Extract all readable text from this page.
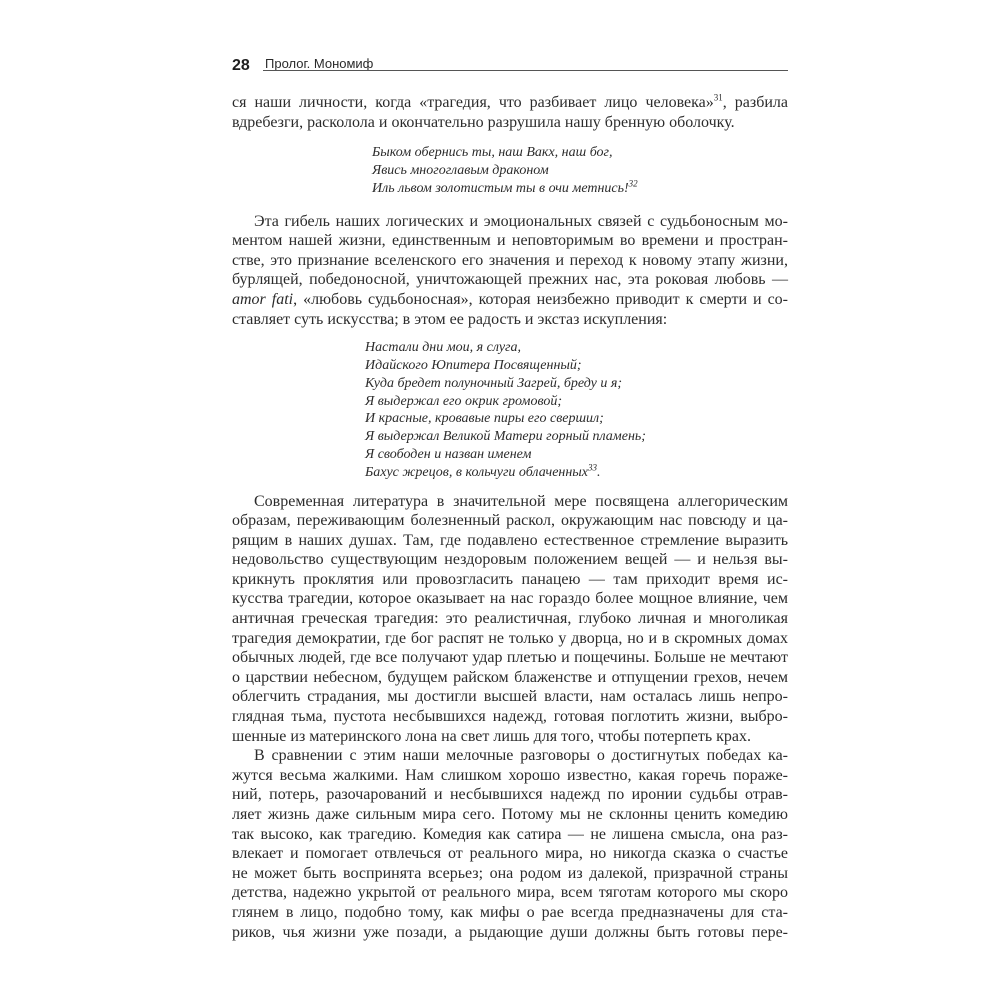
28 Пролог. Мономиф
ся наши личности, когда «трагедия, что разбивает лицо человека»$^{31}$, разбила
вдребезги, расколола и окончательно разрушила нашу бренную оболочку.
Быком обернись ты, наш Вакх, наш бог,
Явись многоглавым драконом
Иль львом золотистым ты в очи метнись!$^{32}$
Эта гибель наших логических и эмоциональных связей с судьбоносным мо-
ментом нашей жизни, единственным и неповторимым во времени и простран-
стве, это признание вселенского его значения и переход к новому этапу жизни,
бурлящей, победоносной, уничтожающей прежних нас, эта роковая любовь —
amor fati, «любовь судьбоносная», которая неизбежно приводит к смерти и со-
ставляет суть искусства; в этом ее радость и экстаз искупления:
Настали дни мои, я слуга,
Идайского Юпитера Посвященный;
Куда бредет полуночный Загрей, бреду и я;
Я выдержал его окрик громовой;
И красные, кровавые пиры его свершил;
Я выдержал Великой Матери горный пламень;
Я свободен и назван именем
Бахус жрецов, в кольчуги облаченных$^{33}$.
Современная литература в значительной мере посвящена аллегорическим
образам, переживающим болезненный раскол, окружающим нас повсюду и ца-
рящим в наших душах. Там, где подавлено естественное стремление выразить
недовольство существующим нездоровым положением вещей — и нельзя вы-
крикнуть проклятия или провозгласить панацею — там приходит время ис-
кусства трагедии, которое оказывает на нас гораздо более мощное влияние, чем
античная греческая трагедия: это реалистичная, глубоко личная и многоликая
трагедия демократии, где бог распят не только у дворца, но и в скромных домах
обычных людей, где все получают удар плетью и пощечины. Больше не мечтают
о царствии небесном, будущем райском блаженстве и отпущении грехов, нечем
облегчить страдания, мы достигли высшей власти, нам осталась лишь непро-
глядная тьма, пустота несбывшихся надежд, готовая поглотить жизни, выбро-
шенные из материнского лона на свет лишь для того, чтобы потерпеть крах.
В сравнении с этим наши мелочные разговоры о достигнутых победах ка-
жутся весьма жалкими. Нам слишком хорошо известно, какая горечь пораже-
ний, потерь, разочарований и несбывшихся надежд по иронии судьбы отрав-
ляет жизнь даже сильным мира сего. Потому мы не склонны ценить комедию
так высоко, как трагедию. Комедия как сатира — не лишена смысла, она раз-
влекает и помогает отвлечься от реального мира, но никогда сказка о счастье
не может быть воспринята всерьез; она родом из далекой, призрачной страны
детства, надежно укрытой от реального мира, всем тяготам которого мы скоро
глянем в лицо, подобно тому, как мифы о рае всегда предназначены для ста-
риков, чья жизни уже позади, а рыдающие души должны быть готовы пере-
